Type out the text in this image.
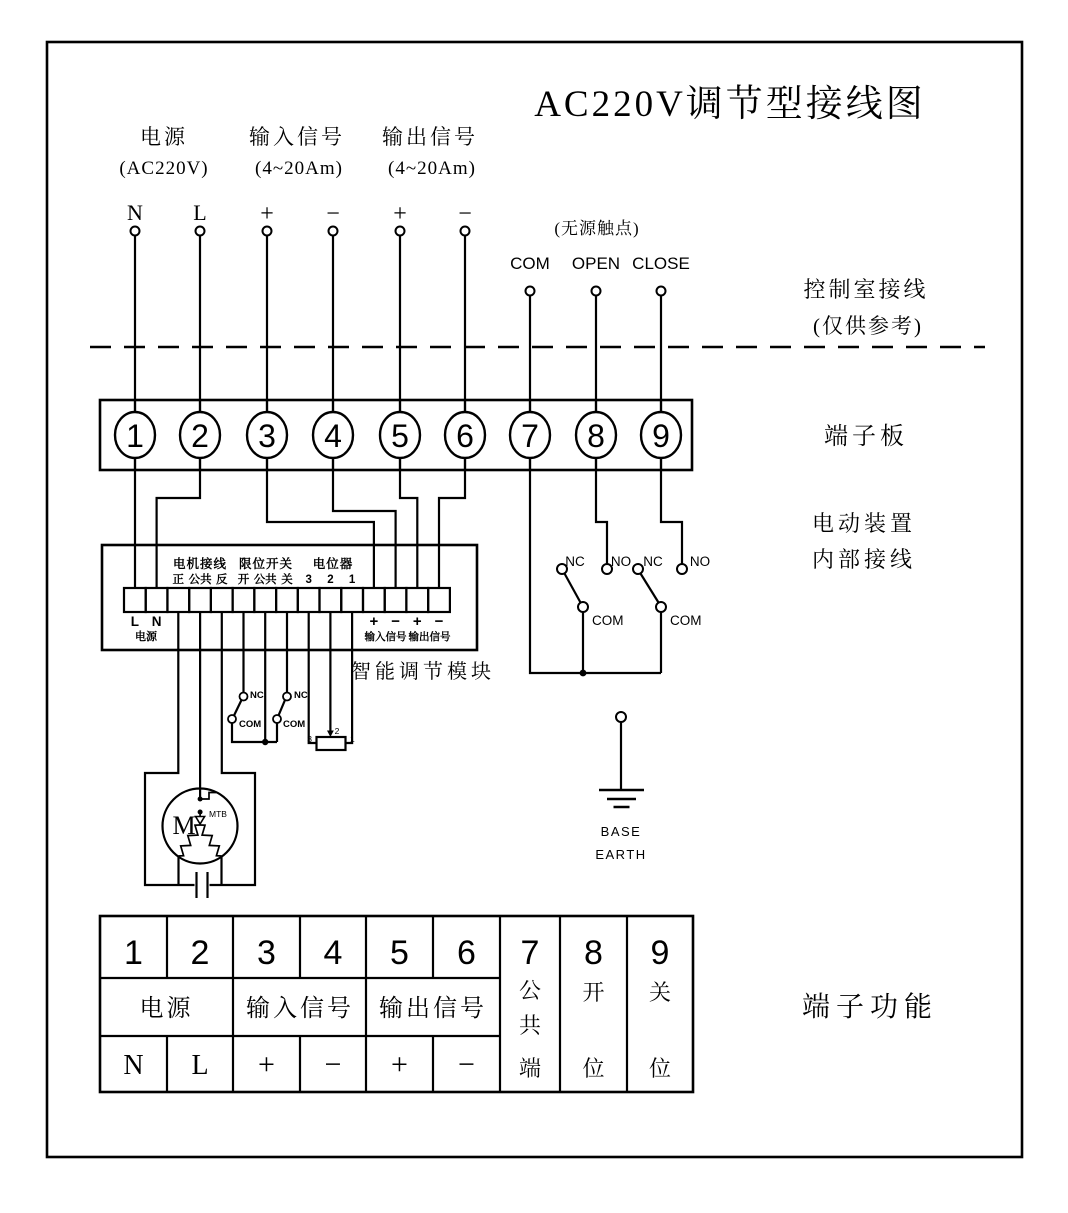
AC220V调节型接线图
电源
(AC220V)
输入信号
(4~20Am)
输出信号
(4~20Am)
N L + − + −
(无源触点)
COM OPEN CLOSE
控制室接线
(仅供参考)
端子板
电动装置
内部接线
端子功能
1 2 3 4 5 6 7 8 9
电机接线 限位开关 电位器
正 公共 反 开 公共 关 3 2 1
L N
电源
+ − + −
输入信号 输出信号
智能调节模块
NC	NC
COM COM
3
2
1
M MTB
NC NO NC NO
COM	COM
BASE
EARTH
1 2 3 4 5 6
电源 输入信号 输出信号
N L + − + −
7
公
共
端
8
开
位
9
关
位
